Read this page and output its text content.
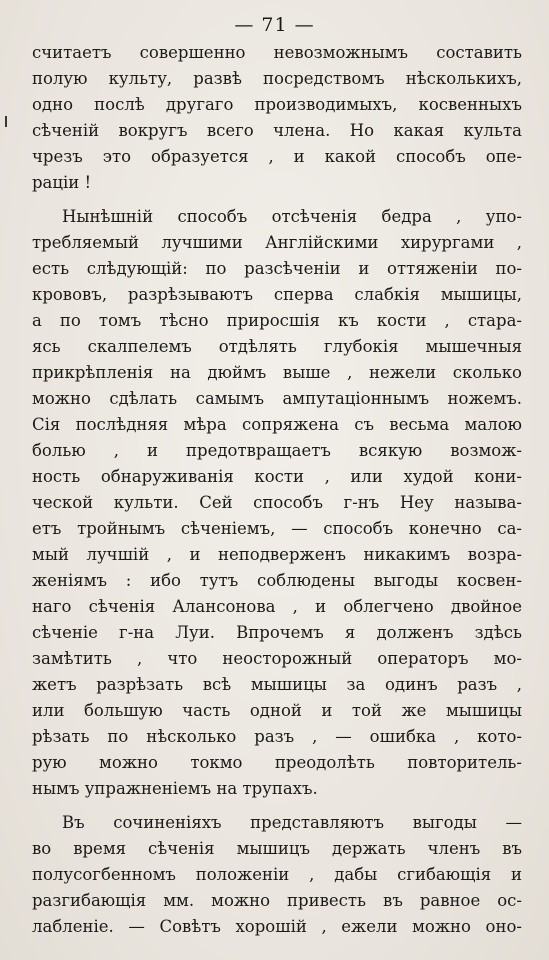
— 71 —
считаетъ совершенно невозможнымъ составить
полую культу, развѣ посредствомъ нѣсколькихъ,
одно послѣ другаго производимыхъ, косвенныхъ
сѣченій вокругъ всего члена. Но какая культа
чрезъ это образуется , и какой способъ опе-
раціи !
Нынѣшній способъ отсѣченія бедра , упо-
требляемый лучшими Англійскими хирургами ,
есть слѣдующій: по разсѣченіи и оттяженіи по-
крововъ, разрѣзываютъ сперва слабкія мышицы,
а по томъ тѣсно приросшія къ кости , стара-
ясь скалпелемъ отдѣлять глубокія мышечныя
прикрѣпленія на дюймъ выше , нежели сколько
можно сдѣлать самымъ ампутаціоннымъ ножемъ.
Сія послѣдняя мѣра сопряжена съ весьма малою
болью , и предотвращаетъ всякую возмож-
ность обнаруживанія кости , или худой кони-
ческой культи. Сей способъ г-нъ Неу называ-
етъ тройнымъ сѣченіемъ, — способъ конечно са-
мый лучшій , и неподверженъ никакимъ возра-
женіямъ : ибо тутъ соблюдены выгоды косвен-
наго сѣченія Алансонова , и облегчено двойное
сѣченіе г-на Луи. Впрочемъ я долженъ здѣсь
замѣтить , что неосторожный операторъ мо-
жетъ разрѣзать всѣ мышицы за одинъ разъ ,
или большую часть одной и той же мышицы
рѣзать по нѣсколько разъ , — ошибка , кото-
рую можно токмо преодолѣть повторитель-
нымъ упражненіемъ на трупахъ.
Въ сочиненіяхъ представляютъ выгоды —
во время сѣченія мышицъ держать членъ въ
полусогбенномъ положеніи , дабы сгибающія и
разгибающія мм. можно привесть въ равное ос-
лабленіе. — Совѣтъ хорошій , ежели можно оно-
